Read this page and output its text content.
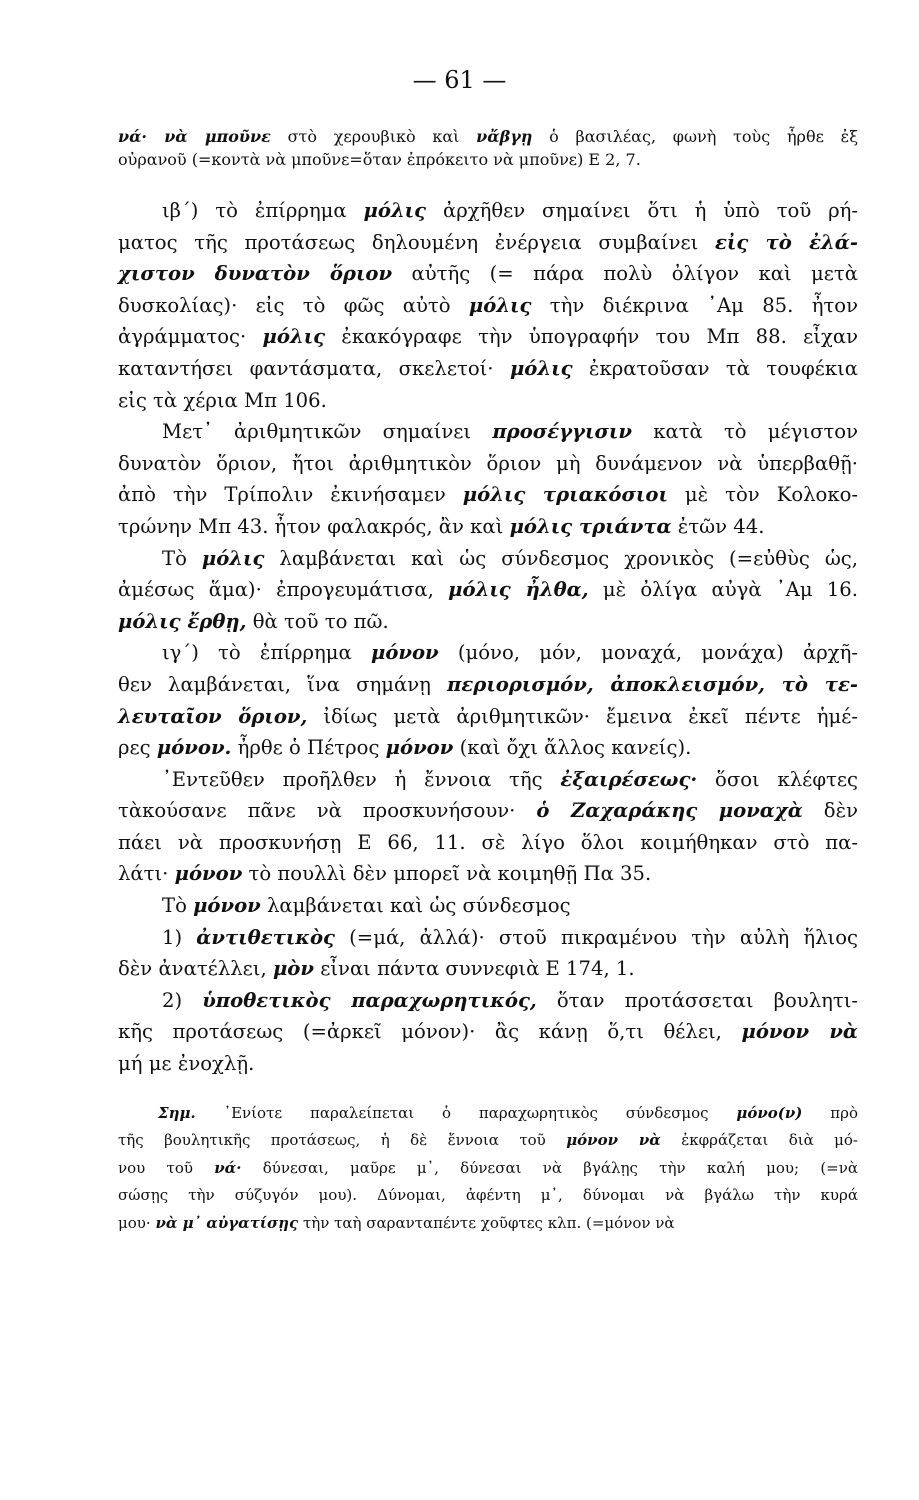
— 61 —
νά· νὰ μποῦνε στὸ χερουβικὸ καὶ νἄβγῃ ὁ βασιλέας, φωνὴ τοὺς ἦρθε ἐξ
οὐρανοῦ (=κοντὰ νὰ μποῦνε=ὅταν ἐπρόκειτο νὰ μποῦνε) Ε 2, 7.
ιβ´) τὸ ἐπίρρημα μόλις ἀρχῆθεν σημαίνει ὅτι ἡ ὑπὸ τοῦ ρή-
ματος τῆς προτάσεως δηλουμένη ἐνέργεια συμβαίνει εἰς τὸ ἐλά-
χιστον δυνατὸν ὅριον αὐτῆς (= πάρα πολὺ ὀλίγον καὶ μετὰ
δυσκολίας)· εἰς τὸ φῶς αὐτὸ μόλις τὴν διέκρινα ᾽Αμ 85. ἦτον
ἀγράμματος· μόλις ἐκακόγραφε τὴν ὑπογραφήν του Μπ 88. εἶχαν
καταντήσει φαντάσματα, σκελετοί· μόλις ἐκρατοῦσαν τὰ τουφέκια
εἰς τὰ χέρια Μπ 106.
Μετ᾽ ἀριθμητικῶν σημαίνει προσέγγισιν κατὰ τὸ μέγιστον
δυνατὸν ὅριον, ἤτοι ἀριθμητικὸν ὅριον μὴ δυνάμενον νὰ ὑπερβαθῇ·
ἀπὸ τὴν Τρίπολιν ἐκινήσαμεν μόλις τριακόσιοι μὲ τὸν Κολοκο-
τρώνην Μπ 43. ἦτον φαλακρός, ἂν καὶ μόλις τριάντα ἐτῶν 44.
Τὸ μόλις λαμβάνεται καὶ ὡς σύνδεσμος χρονικὸς (=εὐθὺς ὡς,
ἀμέσως ἅμα)· ἐπρογευμάτισα, μόλις ἦλθα, μὲ ὀλίγα αὐγὰ ᾽Αμ 16.
μόλις ἔρθῃ, θὰ τοῦ το πῶ.
ιγ´) τὸ ἐπίρρημα μόνον (μόνο, μόν, μοναχά, μονάχα) ἀρχῆ-
θεν λαμβάνεται, ἵνα σημάνῃ περιορισμόν, ἀποκλεισμόν, τὸ τε-
λευταῖον ὅριον, ἰδίως μετὰ ἀριθμητικῶν· ἔμεινα ἐκεῖ πέντε ἡμέ-
ρες μόνον. ἦρθε ὁ Πέτρος μόνον (καὶ ὄχι ἄλλος κανείς).
᾽Εντεῦθεν προῆλθεν ἡ ἔννοια τῆς ἐξαιρέσεως· ὅσοι κλέφτες
τὰκούσανε πᾶνε νὰ προσκυνήσουν· ὁ Ζαχαράκης μοναχὰ δὲν
πάει νὰ προσκυνήσῃ Ε 66, 11. σὲ λίγο ὅλοι κοιμήθηκαν στὸ πα-
λάτι· μόνον τὸ πουλλὶ δὲν μπορεῖ νὰ κοιμηθῇ Πα 35.
Τὸ μόνον λαμβάνεται καὶ ὡς σύνδεσμος
1) ἀντιθετικὸς (=μά, ἀλλά)· στοῦ πικραμένου τὴν αὐλὴ ἥλιος
δὲν ἀνατέλλει, μὸν εἶναι πάντα συννεφιὰ Ε 174, 1.
2) ὑποθετικὸς παραχωρητικός, ὅταν προτάσσεται βουλητι-
κῆς προτάσεως (=ἀρκεῖ μόνον)· ἂς κάνῃ ὅ,τι θέλει, μόνον νὰ
μή με ἐνοχλῇ.
Σημ. ᾽Ενίοτε παραλείπεται ὁ παραχωρητικὸς σύνδεσμος μόνο(ν) πρὸ
τῆς βουλητικῆς προτάσεως, ἡ δὲ ἔννοια τοῦ μόνον νὰ ἐκφράζεται διὰ μό-
νου τοῦ νά· δύνεσαι, μαῦρε μ᾽, δύνεσαι νὰ βγάλῃς τὴν καλή μου; (=νὰ
σώσῃς τὴν σύζυγόν μου). Δύνομαι, ἀφέντη μ᾽, δύνομαι νὰ βγάλω τὴν κυρά
μου· νὰ μ᾽ αὐγατίσῃς τὴν ταὴ σαρανταπέντε χοῦφτες κλπ. (=μόνον νὰ
